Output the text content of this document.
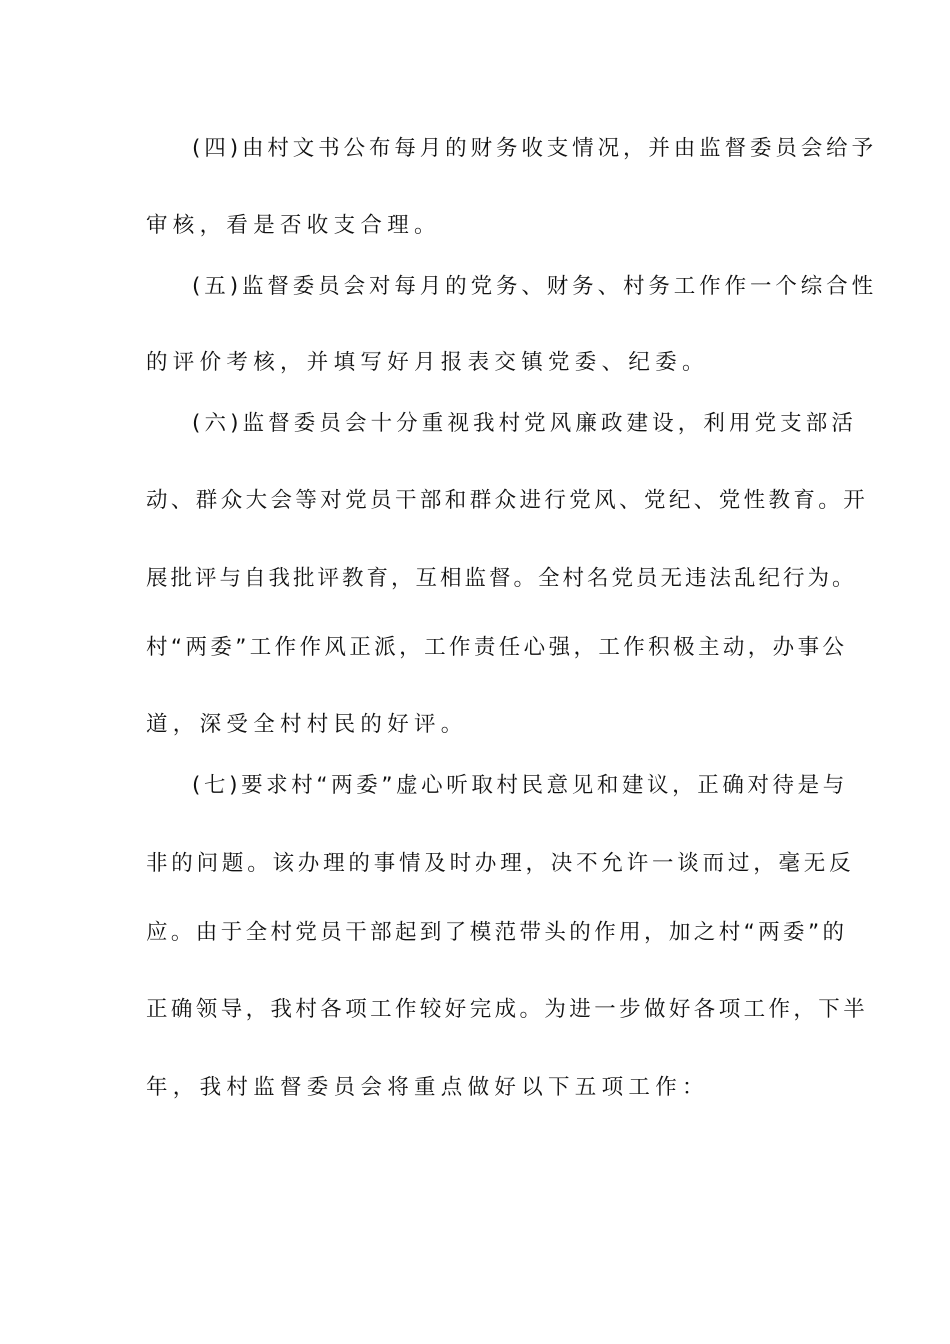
(四)由村文书公布每月的财务收支情况，并由监督委员会给予
审核，看是否收支合理。
(五)监督委员会对每月的党务、财务、村务工作作一个综合性
的评价考核，并填写好月报表交镇党委、纪委。
(六)监督委员会十分重视我村党风廉政建设，利用党支部活
动、群众大会等对党员干部和群众进行党风、党纪、党性教育。开
展批评与自我批评教育，互相监督。全村名党员无违法乱纪行为。
村“两委”工作作风正派，工作责任心强，工作积极主动，办事公
道，深受全村村民的好评。
(七)要求村“两委”虚心听取村民意见和建议，正确对待是与
非的问题。该办理的事情及时办理，决不允许一谈而过，毫无反
应。由于全村党员干部起到了模范带头的作用，加之村“两委”的
正确领导，我村各项工作较好完成。为进一步做好各项工作，下半
年，我村监督委员会将重点做好以下五项工作：
